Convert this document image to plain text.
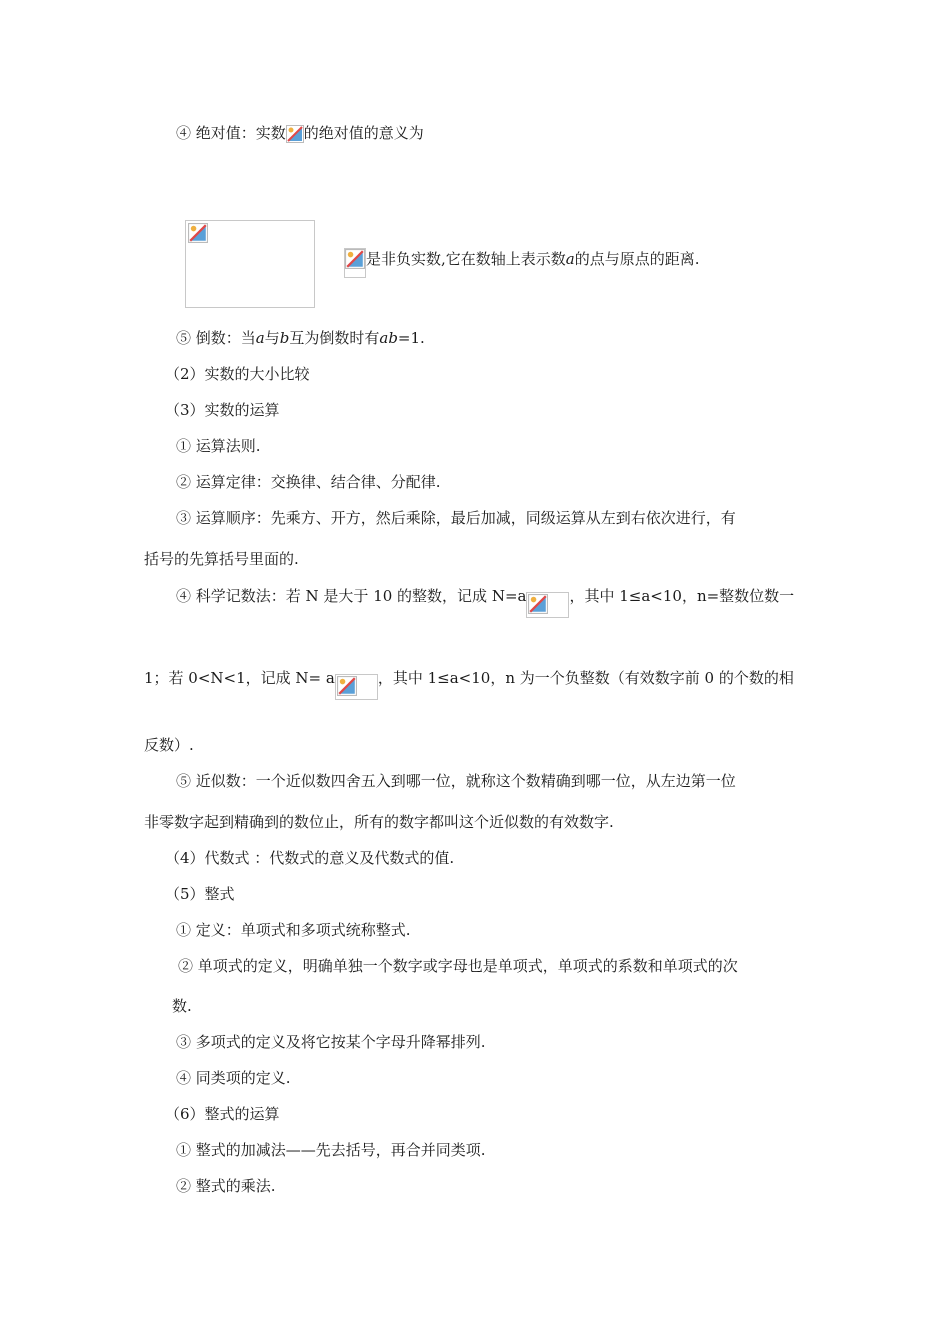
④ 绝对值：实数 的绝对值的意义为
是非负实数,它在数轴上表示数a的点与原点的距离.
⑤ 倒数：当a与b互为倒数时有ab=1.
（2）实数的大小比较
（3）实数的运算
① 运算法则.
② 运算定律：交换律、结合律、分配律.
③ 运算顺序：先乘方、开方，然后乘除，最后加减，同级运算从左到右依次进行，有
括号的先算括号里面的.
④ 科学记数法：若 N 是大于 10 的整数，记成 N=a	，其中 1≤a<10，n=整数位数一
1；若 0<N<1，记成 N= a	，其中 1≤a<10，n 为一个负整数（有效数字前 0 的个数的相
反数）.
⑤ 近似数：一个近似数四舍五入到哪一位，就称这个数精确到哪一位，从左边第一位
非零数字起到精确到的数位止，所有的数字都叫这个近似数的有效数字.
（4）代数式 ：代数式的意义及代数式的值.
（5）整式
① 定义：单项式和多项式统称整式.
② 单项式的定义，明确单独一个数字或字母也是单项式，单项式的系数和单项式的次
数.
③ 多项式的定义及将它按某个字母升降幂排列.
④ 同类项的定义.
（6）整式的运算
① 整式的加减法——先去括号，再合并同类项.
② 整式的乘法.
